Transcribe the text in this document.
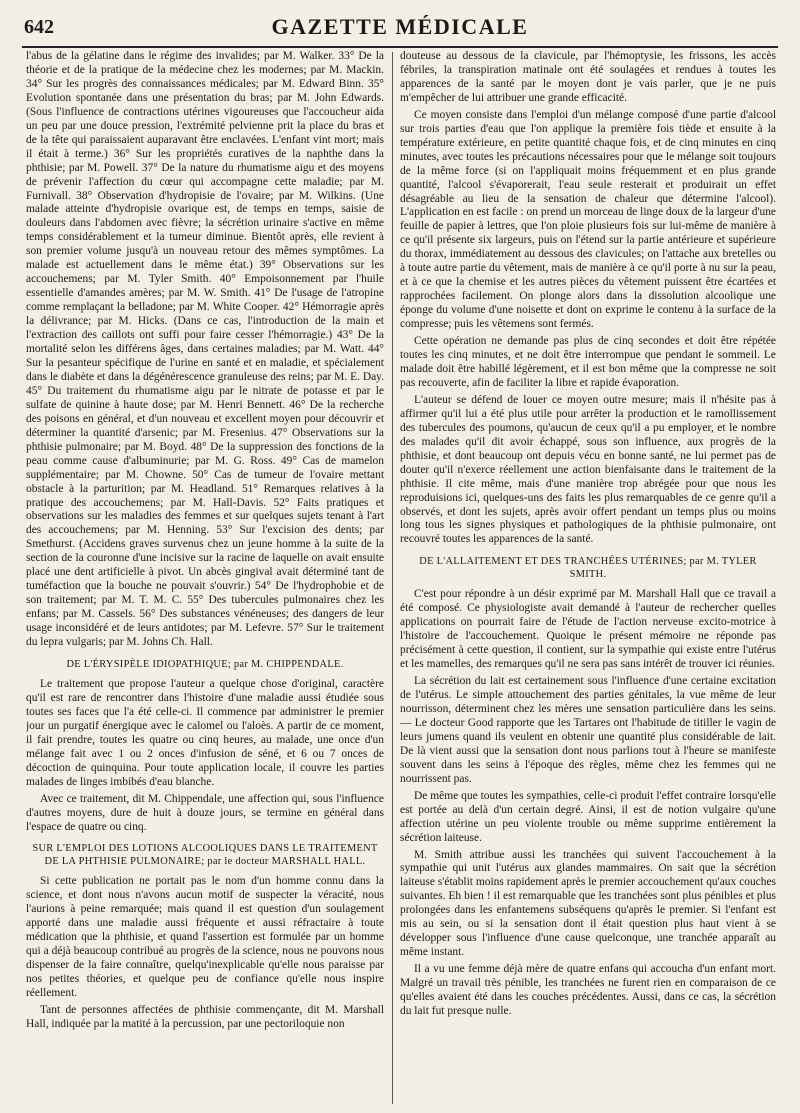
642	GAZETTE MÉDICALE

l'abus de la gélatine dans le régime des invalides; par M. Walker. 33° De la théorie et de la pratique de la médecine chez les modernes; par M. Mackin. 34° Sur les progrès des connaissances médicales; par M. Edward Binn. 35° Evolution spontanée dans une présentation du bras; par M. John Edwards. (Sous l'influence de contractions utérines vigoureuses que l'accoucheur aida un peu par une douce pression, l'extrémité pelvienne prit la place du bras et de la tête qui paraissaient auparavant être enclavées. L'enfant vint mort; mais il était à terme.) 36° Sur les propriétés curatives de la naphthe dans la phthisie; par M. Powell. 37° De la nature du rhumatisme aigu et des moyens de prévenir l'affection du cœur qui accompagne cette maladie; par M. Furnivall. 38° Observation d'hydropisie de l'ovaire; par M. Wilkins. (Une malade atteinte d'hydropisie ovarique est, de temps en temps, saisie de douleurs dans l'abdomen avec fièvre; la sécrétion urinaire s'active en même temps considérablement et la tumeur diminue. Bientôt après, elle revient à son premier volume jusqu'à un nouveau retour des mêmes symptômes. La malade est actuellement dans le même état.) 39° Observations sur les accouchemens; par M. Tyler Smith. 40° Empoisonnement par l'huile essentielle d'amandes amères; par M. W. Smith. 41° De l'usage de l'atropine comme remplaçant la belladone; par M. White Cooper. 42° Hémorragie après la délivrance; par M. Hicks. (Dans ce cas, l'introduction de la main et l'extraction des caillots ont suffi pour faire cesser l'hémorragie.) 43° De la mortalité selon les différens âges, dans certaines maladies; par M. Watt. 44° Sur la pesanteur spécifique de l'urine en santé et en maladie, et spécialement dans le diabète et dans la dégénérescence granuleuse des reins; par M. E. Day. 45° Du traitement du rhumatisme aigu par le nitrate de potasse et par le sulfate de quinine à haute dose; par M. Henri Bennett. 46° De la recherche des poisons en général, et d'un nouveau et excellent moyen pour découvrir et déterminer la quantité d'arsenic; par M. Fresenius. 47° Observations sur la phthisie pulmonaire; par M. Boyd. 48° De la suppression des fonctions de la peau comme cause d'albuminurie; par M. G. Ross. 49° Cas de mamelon supplémentaire; par M. Chowne. 50° Cas de tumeur de l'ovaire mettant obstacle à la parturition; par M. Headland. 51° Remarques relatives à la pratique des accouchemens; par M. Hall-Davis. 52° Faits pratiques et observations sur les maladies des femmes et sur quelques sujets tenant à l'art des accouchemens; par M. Henning. 53° Sur l'excision des dents; par Smethurst. (Accidens graves survenus chez un jeune homme à la suite de la section de la couronne d'une incisive sur la racine de laquelle on avait ensuite placé une dent artificielle à pivot. Un abcès gingival avait déterminé tant de tuméfaction que la bouche ne pouvait s'ouvrir.) 54° De l'hydrophobie et de son traitement; par M. T. M. C. 55° Des tubercules pulmonaires chez les enfans; par M. Cassels. 56° Des substances vénéneuses; des dangers de leur usage inconsidéré et de leurs antidotes; par M. Lefevre. 57° Sur le traitement du lepra vulgaris; par M. Johns Ch. Hall.

DE L'ÉRYSIPÈLE IDIOPATHIQUE; par M. CHIPPENDALE.

Le traitement que propose l'auteur a quelque chose d'original, caractère qu'il est rare de rencontrer dans l'histoire d'une maladie aussi étudiée sous toutes ses faces que l'a été celle-ci. Il commence par administrer le premier jour un purgatif énergique avec le calomel ou l'aloès. A partir de ce moment, il fait prendre, toutes les quatre ou cinq heures, au malade, une once d'un mélange fait avec 1 ou 2 onces d'infusion de séné, et 6 ou 7 onces de décoction de quinquina. Pour toute application locale, il couvre les parties malades de linges imbibés d'eau blanche.

Avec ce traitement, dit M. Chippendale, une affection qui, sous l'influence d'autres moyens, dure de huit à douze jours, se termine en général dans l'espace de quatre ou cinq.

SUR L'EMPLOI DES LOTIONS ALCOOLIQUES DANS LE TRAITEMENT DE LA PHTHISIE PULMONAIRE; par le docteur MARSHALL HALL.

Si cette publication ne portait pas le nom d'un homme connu dans la science, et dont nous n'avons aucun motif de suspecter la véracité, nous l'aurions à peine remarquée; mais quand il est question d'un soulagement apporté dans une maladie aussi fréquente et aussi réfractaire à toute médication que la phthisie, et quand l'assertion est formulée par un homme qui a déjà beaucoup contribué au progrès de la science, nous ne pouvons nous dispenser de la faire connaître, quelqu'inexplicable qu'elle nous paraisse par nos petites théories, et quelque peu de confiance qu'elle nous inspire réellement.

Tant de personnes affectées de phthisie commençante, dit M. Marshall Hall, indiquée par la matité à la percussion, par une pectoriloquie non

douteuse au dessous de la clavicule, par l'hémoptysie, les frissons, les accès fébriles, la transpiration matinale ont été soulagées et rendues à toutes les apparences de la santé par le moyen dont je vais parler, que je ne puis m'empêcher de lui attribuer une grande efficacité.

Ce moyen consiste dans l'emploi d'un mélange composé d'une partie d'alcool sur trois parties d'eau que l'on applique la première fois tiède et ensuite à la température extérieure, en petite quantité chaque fois, et de cinq minutes en cinq minutes, avec toutes les précautions nécessaires pour que le mélange soit toujours de la même force (si on l'appliquait moins fréquemment et en plus grande quantité, l'alcool s'évaporerait, l'eau seule resterait et produirait un effet désagréable au lieu de la sensation de chaleur que détermine l'alcool). L'application en est facile : on prend un morceau de linge doux de la largeur d'une feuille de papier à lettres, que l'on ploie plusieurs fois sur lui-même de manière à ce qu'il présente six largeurs, puis on l'étend sur la partie antérieure et supérieure du thorax, immédiatement au dessous des clavicules; on l'attache aux bretelles ou à toute autre partie du vêtement, mais de manière à ce qu'il porte à nu sur la peau, et à ce que la chemise et les autres pièces du vêtement puissent être écartées et rapprochées facilement. On plonge alors dans la dissolution alcoolique une éponge du volume d'une noisette et dont on exprime le contenu à la surface de la compresse; puis les vêtemens sont fermés.

Cette opération ne demande pas plus de cinq secondes et doit être répétée toutes les cinq minutes, et ne doit être interrompue que pendant le sommeil. Le malade doit être habillé légèrement, et il est bon même que la compresse ne soit pas recouverte, afin de faciliter la libre et rapide évaporation.

L'auteur se défend de louer ce moyen outre mesure; mais il n'hésite pas à affirmer qu'il lui a été plus utile pour arrêter la production et le ramollissement des tubercules des poumons, qu'aucun de ceux qu'il a pu employer, et le nombre des malades qu'il dit avoir échappé, sous son influence, aux progrès de la phthisie, et dont beaucoup ont depuis vécu en bonne santé, ne lui permet pas de douter qu'il n'exerce réellement une action bienfaisante dans le traitement de la phthisie. Il cite même, mais d'une manière trop abrégée pour que nous les reproduisions ici, quelques-uns des faits les plus remarquables de ce genre qu'il a observés, et dont les sujets, après avoir offert pendant un temps plus ou moins long tous les signes physiques et pathologiques de la phthisie pulmonaire, ont recouvré toutes les apparences de la santé.

DE L'ALLAITEMENT ET DES TRANCHÉES UTÉRINES; par M. TYLER SMITH.

C'est pour répondre à un désir exprimé par M. Marshall Hall que ce travail a été composé. Ce physiologiste avait demandé à l'auteur de rechercher quelles applications on pourrait faire de l'étude de l'action nerveuse excito-motrice à l'histoire de l'accouchement. Quoique le présent mémoire ne réponde pas précisément à cette question, il contient, sur la sympathie qui existe entre l'utérus et les mamelles, des remarques qu'il ne sera pas sans intérêt de trouver ici réunies.

La sécrétion du lait est certainement sous l'influence d'une certaine excitation de l'utérus. Le simple attouchement des parties génitales, la vue même de leur nourrisson, déterminent chez les mères une sensation particulière dans les seins. — Le docteur Good rapporte que les Tartares ont l'habitude de titiller le vagin de leurs jumens quand ils veulent en obtenir une quantité plus considérable de lait. De là vient aussi que la sensation dont nous parlions tout à l'heure se manifeste souvent dans les seins à l'époque des règles, même chez les femmes qui ne nourrissent pas.

De même que toutes les sympathies, celle-ci produit l'effet contraire lorsqu'elle est portée au delà d'un certain degré. Ainsi, il est de notion vulgaire qu'une affection utérine un peu violente trouble ou même supprime entièrement la sécrétion laiteuse.

M. Smith attribue aussi les tranchées qui suivent l'accouchement à la sympathie qui unit l'utérus aux glandes mammaires. On sait que la sécrétion laiteuse s'établit moins rapidement après le premier accouchement qu'aux couches suivantes. Eh bien ! il est remarquable que les tranchées sont plus pénibles et plus prolongées dans les enfantemens subséquens qu'après le premier. Si l'enfant est mis au sein, ou si la sensation dont il était question plus haut vient à se développer sous l'influence d'une cause quelconque, une tranchée apparaît au même instant.

Il a vu une femme déjà mère de quatre enfans qui accoucha d'un enfant mort. Malgré un travail très pénible, les tranchées ne furent rien en comparaison de ce qu'elles avaient été dans les couches précédentes. Aussi, dans ce cas, la sécrétion du lait fut presque nulle.
